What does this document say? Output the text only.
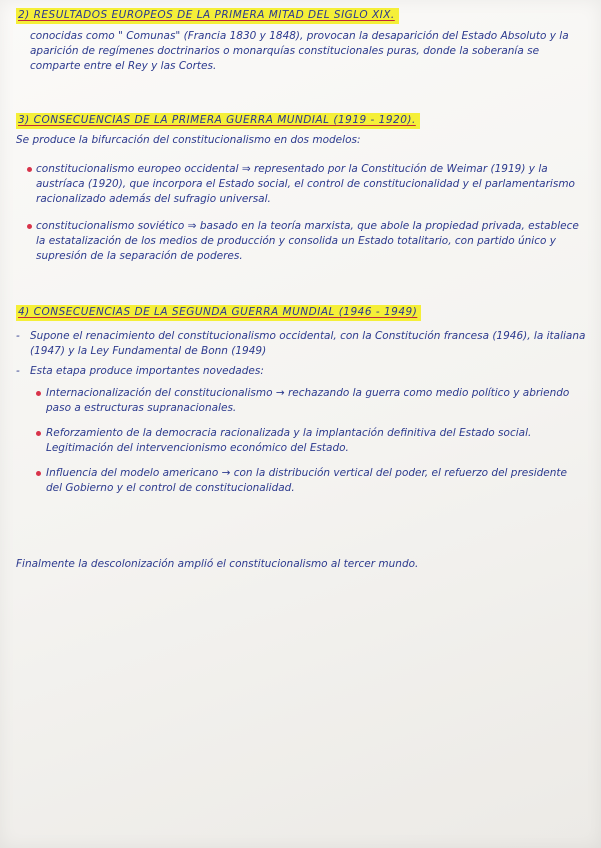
2) RESULTADOS EUROPEOS DE LA PRIMERA MITAD DEL SIGLO XIX.

conocidas como " Comunas" (Francia 1830 y 1848), provocan la desaparición del Estado Absoluto y la aparición de regímenes doctrinarios o monarquías constitucionales puras, donde la soberanía se comparte entre el Rey y las Cortes.

3) CONSECUENCIAS DE LA PRIMERA GUERRA MUNDIAL (1919 - 1920).

Se produce la bifurcación del constitucionalismo en dos modelos:

constitucionalismo europeo occidental ⇒ representado por la Constitución de Weimar (1919) y la austríaca (1920), que incorpora el Estado social, el control de constitucionalidad y el parlamentarismo racionalizado además del sufragio universal.
constitucionalismo soviético ⇒ basado en la teoría marxista, que abole la propiedad privada, establece la estatalización de los medios de producción y consolida un Estado totalitario, con partido único y supresión de la separación de poderes.
4) CONSECUENCIAS DE LA SEGUNDA GUERRA MUNDIAL (1946 - 1949)
- Supone el renacimiento del constitucionalismo occidental, con la Constitución francesa (1946), la italiana (1947) y la Ley Fundamental de Bonn (1949)
- Esta etapa produce importantes novedades:
Internacionalización del constitucionalismo → rechazando la guerra como medio político y abriendo paso a estructuras supranacionales.
Reforzamiento de la democracia racionalizada y la implantación definitiva del Estado social. Legitimación del intervencionismo económico del Estado.
Influencia del modelo americano → con la distribución vertical del poder, el refuerzo del presidente del Gobierno y el control de constitucionalidad.

Finalmente la descolonización amplió el constitucionalismo al tercer mundo.
